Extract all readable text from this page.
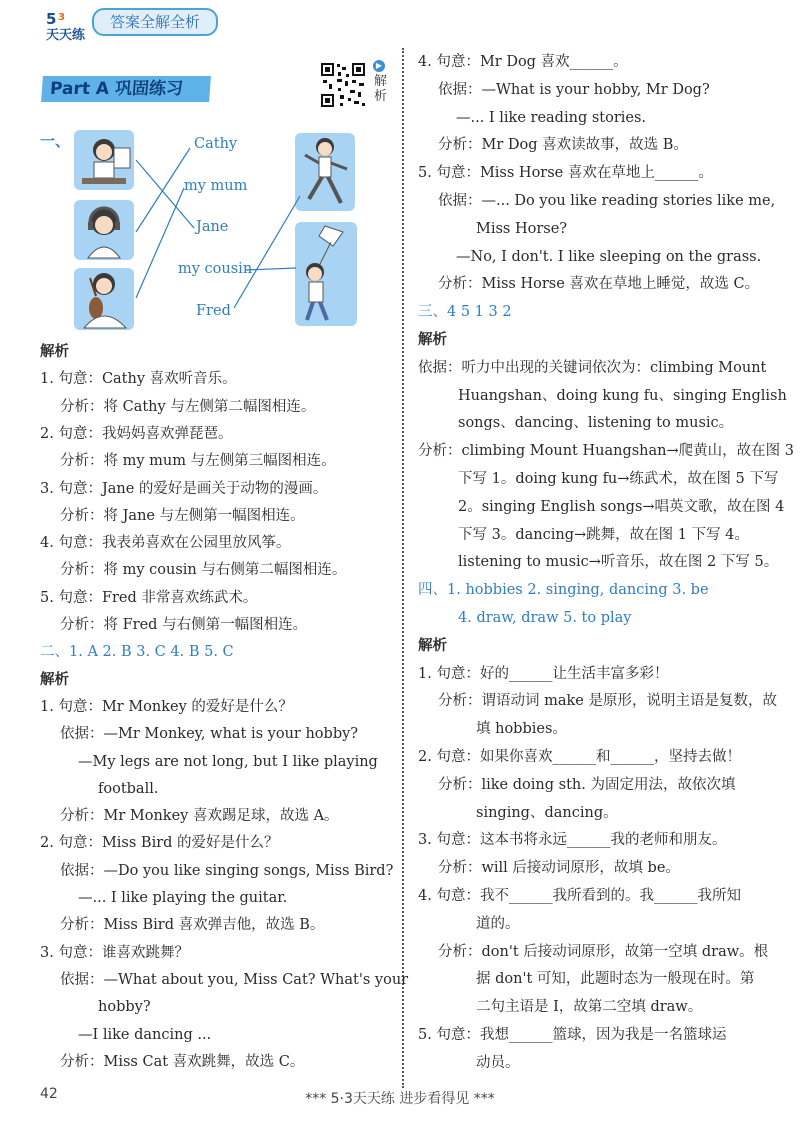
5 3
天天练
答案全解全析
Part A 巩固练习
▶
解析
一、	Cathy
my mum
Jane
my cousin
Fred
解析
1. 句意：Cathy 喜欢听音乐。
分析：将 Cathy 与左侧第二幅图相连。
2. 句意：我妈妈喜欢弹琵琶。
分析：将 my mum 与左侧第三幅图相连。
3. 句意：Jane 的爱好是画关于动物的漫画。
分析：将 Jane 与左侧第一幅图相连。
4. 句意：我表弟喜欢在公园里放风筝。
分析：将 my cousin 与右侧第二幅图相连。
5. 句意：Fred 非常喜欢练武术。
分析：将 Fred 与右侧第一幅图相连。
二、1. A 2. B 3. C 4. B 5. C
解析
1. 句意：Mr Monkey 的爱好是什么？
依据：—Mr Monkey, what is your hobby?
—My legs are not long, but I like playing
football.
分析：Mr Monkey 喜欢踢足球，故选 A。
2. 句意：Miss Bird 的爱好是什么？
依据：—Do you like singing songs, Miss Bird?
—... I like playing the guitar.
分析：Miss Bird 喜欢弹吉他，故选 B。
3. 句意：谁喜欢跳舞？
依据：—What about you, Miss Cat? What's your
hobby?
—I like dancing ...
分析：Miss Cat 喜欢跳舞，故选 C。
4. 句意：Mr Dog 喜欢______。
依据：—What is your hobby, Mr Dog?
—... I like reading stories.
分析：Mr Dog 喜欢读故事，故选 B。
5. 句意：Miss Horse 喜欢在草地上______。
依据：—... Do you like reading stories like me,
Miss Horse?
—No, I don't. I like sleeping on the grass.
分析：Miss Horse 喜欢在草地上睡觉，故选 C。
三、4 5 1 3 2
解析
依据：听力中出现的关键词依次为：climbing Mount
Huangshan、doing kung fu、singing English
songs、dancing、listening to music。
分析：climbing Mount Huangshan→爬黄山，故在图 3
下写 1。doing kung fu→练武术，故在图 5 下写
2。singing English songs→唱英文歌，故在图 4
下写 3。dancing→跳舞，故在图 1 下写 4。
listening to music→听音乐，故在图 2 下写 5。
四、1. hobbies 2. singing, dancing 3. be
4. draw, draw 5. to play
解析
1. 句意：好的______让生活丰富多彩！
分析：谓语动词 make 是原形，说明主语是复数，故
填 hobbies。
2. 句意：如果你喜欢______和______，坚持去做！
分析：like doing sth. 为固定用法，故依次填
singing、dancing。
3. 句意：这本书将永远______我的老师和朋友。
分析：will 后接动词原形，故填 be。
4. 句意：我不______我所看到的。我______我所知
道的。
分析：don't 后接动词原形，故第一空填 draw。根
据 don't 可知，此题时态为一般现在时。第
二句主语是 I，故第二空填 draw。
5. 句意：我想______篮球，因为我是一名篮球运
动员。
42	*** 5·3天天练 进步看得见 ***
